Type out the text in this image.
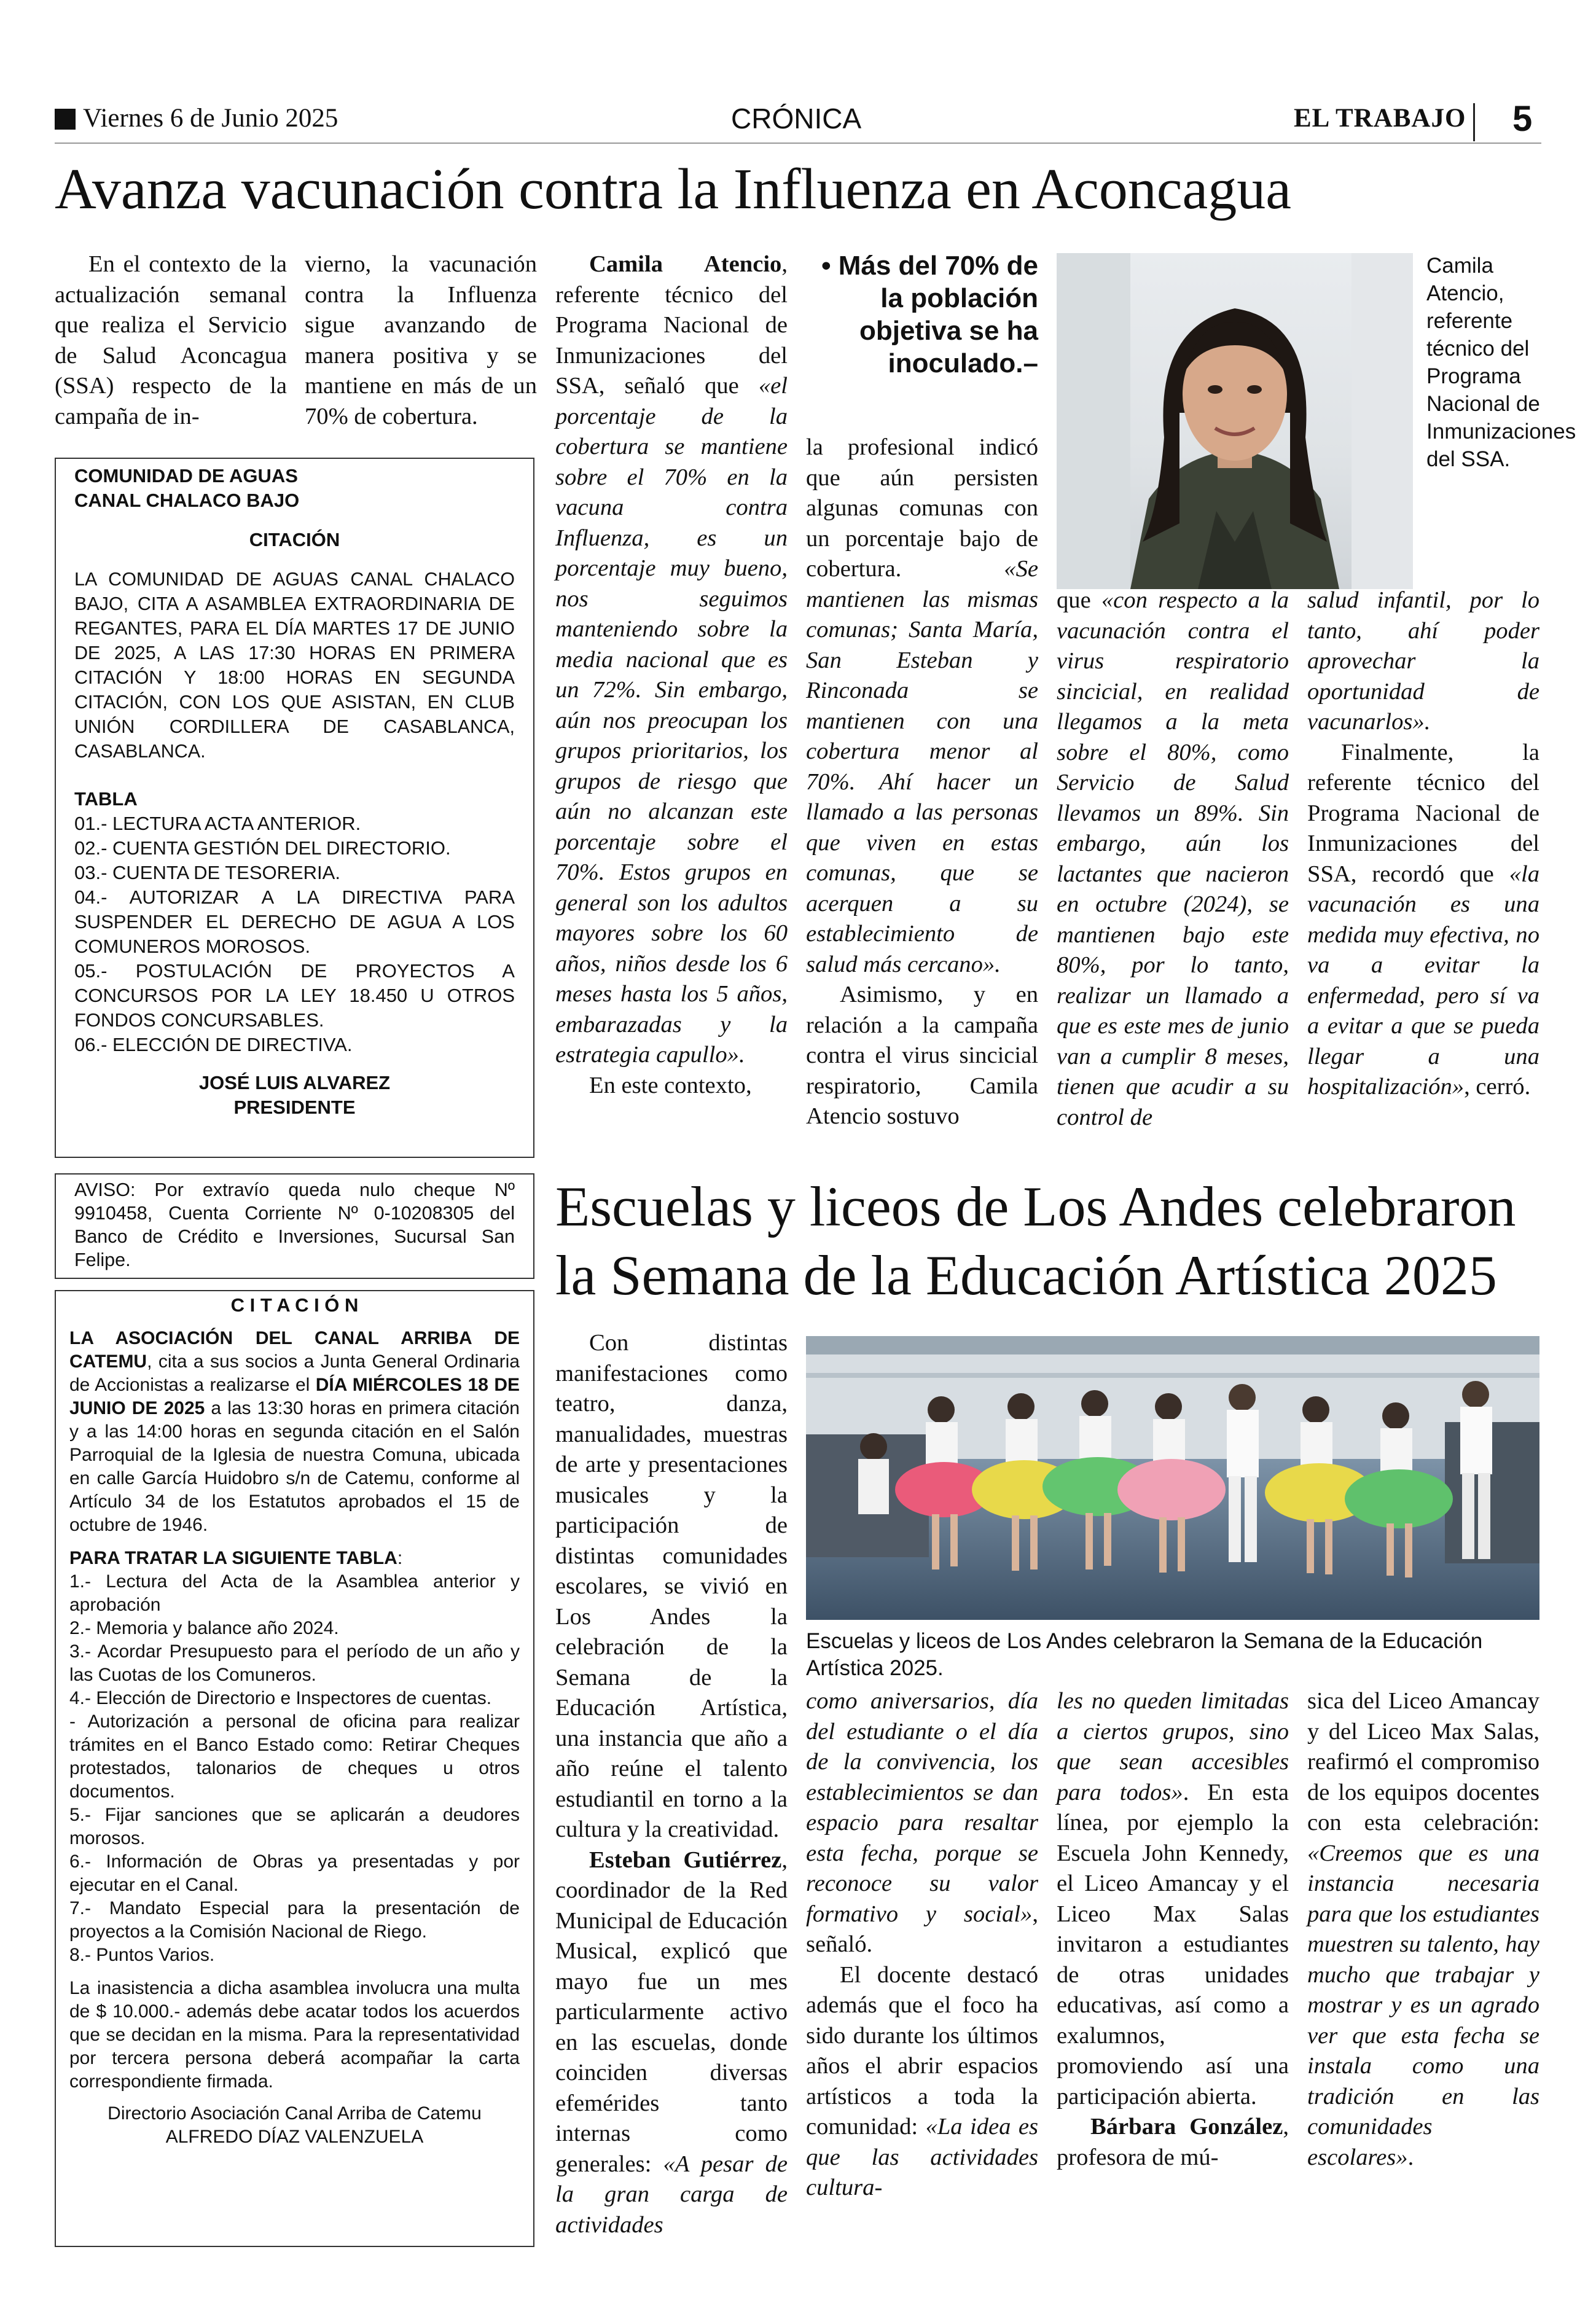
Viernes 6 de Junio 2025	CRÓNICA	EL TRABAJO 5
Avanza vacunación contra la Influenza en Aconcagua

En el contexto de la actualización semanal que realiza el Servicio de Salud Aconcagua (SSA) respecto de la campaña de in-

vierno, la vacunación contra la Influenza sigue avanzando de manera positiva y se mantiene en más de un 70% de cobertura.

Camila Atencio, referente técnico del Programa Nacional de Inmunizaciones del SSA, señaló que «el porcentaje de la cobertura se mantiene sobre el 70% en la vacuna contra Influenza, es un porcentaje muy bueno, nos seguimos manteniendo sobre la media nacional que es un 72%. Sin embargo, aún nos preocupan los grupos prioritarios, los grupos de riesgo que aún no alcanzan este porcentaje sobre el 70%. Estos grupos en general son los adultos mayores sobre los 60 años, niños desde los 6 meses hasta los 5 años, embarazadas y la estrategia capullo».

En este contexto,

• Más del 70% de la población objetiva se ha inoculado.–

la profesional indicó que aún persisten algunas comunas con un porcentaje bajo de cobertura. «Se mantienen las mismas comunas; Santa María, San Esteban y Rinconada se mantienen con una cobertura menor al 70%. Ahí hacer un llamado a las personas que viven en estas comunas, que se acerquen a su establecimiento de salud más cercano».

Asimismo, y en relación a la campaña contra el virus sincicial respiratorio, Camila Atencio sostuvo

Camila Atencio, referente técnico del Programa Nacional de Inmunizaciones del SSA.

que «con respecto a la vacunación contra el virus respiratorio sincicial, en realidad llegamos a la meta sobre el 80%, como Servicio de Salud llevamos un 89%. Sin embargo, aún los lactantes que nacieron en octubre (2024), se mantienen bajo este 80%, por lo tanto, realizar un llamado a que es este mes de junio van a cumplir 8 meses, tienen que acudir a su control de

salud infantil, por lo tanto, ahí poder aprovechar la oportunidad de vacunarlos».

Finalmente, la referente técnico del Programa Nacional de Inmunizaciones del SSA, recordó que «la vacunación es una medida muy efectiva, no va a evitar la enfermedad, pero sí va a evitar a que se pueda llegar a una hospitalización», cerró.

COMUNIDAD DE AGUAS CANAL CHALACO BAJO

CITACIÓN

LA COMUNIDAD DE AGUAS CANAL CHALACO BAJO, CITA A ASAMBLEA EXTRAORDINARIA DE REGANTES, PARA EL DÍA MARTES 17 DE JUNIO DE 2025, A LAS 17:30 HORAS EN PRIMERA CITACIÓN Y 18:00 HORAS EN SEGUNDA CITACIÓN, CON LOS QUE ASISTAN, EN CLUB UNIÓN CORDILLERA DE CASABLANCA, CASABLANCA.

TABLA

01.- LECTURA ACTA ANTERIOR.

02.- CUENTA GESTIÓN DEL DIRECTORIO.

03.- CUENTA DE TESORERIA.

04.- AUTORIZAR A LA DIRECTIVA PARA SUSPENDER EL DERECHO DE AGUA A LOS COMUNEROS MOROSOS.

05.- POSTULACIÓN DE PROYECTOS A CONCURSOS POR LA LEY 18.450 U OTROS FONDOS CONCURSABLES.

06.- ELECCIÓN DE DIRECTIVA.

JOSÉ LUIS ALVAREZ

PRESIDENTE

AVISO: Por extravío queda nulo cheque Nº 9910458, Cuenta Corriente Nº 0-10208305 del Banco de Crédito e Inversiones, Sucursal San Felipe.

C I T A C I Ó N

LA ASOCIACIÓN DEL CANAL ARRIBA DE CATEMU, cita a sus socios a Junta General Ordinaria de Accionistas a realizarse el DÍA MIÉRCOLES 18 DE JUNIO DE 2025 a las 13:30 horas en primera citación y a las 14:00 horas en segunda citación en el Salón Parroquial de la Iglesia de nuestra Comuna, ubicada en calle García Huidobro s/n de Catemu, conforme al Artículo 34 de los Estatutos aprobados el 15 de octubre de 1946.

PARA TRATAR LA SIGUIENTE TABLA:

1.- Lectura del Acta de la Asamblea anterior y aprobación

2.- Memoria y balance año 2024.

3.- Acordar Presupuesto para el período de un año y las Cuotas de los Comuneros.

4.- Elección de Directorio e Inspectores de cuentas.

- Autorización a personal de oficina para realizar trámites en el Banco Estado como: Retirar Cheques protestados, talonarios de cheques u otros documentos.

5.- Fijar sanciones que se aplicarán a deudores morosos.

6.- Información de Obras ya presentadas y por ejecutar en el Canal.

7.- Mandato Especial para la presentación de proyectos a la Comisión Nacional de Riego.

8.- Puntos Varios.

La inasistencia a dicha asamblea involucra una multa de $ 10.000.- además debe acatar todos los acuerdos que se decidan en la misma. Para la representatividad por tercera persona deberá acompañar la carta correspondiente firmada.

Directorio Asociación Canal Arriba de Catemu

ALFREDO DÍAZ VALENZUELA

Escuelas y liceos de Los Andes celebraron
la Semana de la Educación Artística 2025

Con distintas manifestaciones como teatro, danza, manualidades, muestras de arte y presentaciones musicales y la participación de distintas comunidades escolares, se vivió en Los Andes la celebración de la Semana de la Educación Artística, una instancia que año a año reúne el talento estudiantil en torno a la cultura y la creatividad.

Esteban Gutiérrez, coordinador de la Red Municipal de Educación Musical, explicó que mayo fue un mes particularmente activo en las escuelas, donde coinciden diversas efemérides tanto internas como generales: «A pesar de la gran carga de actividades

Escuelas y liceos de Los Andes celebraron la Semana de la Educación Artística 2025.

como aniversarios, día del estudiante o el día de la convivencia, los establecimientos se dan espacio para resaltar esta fecha, porque se reconoce su valor formativo y social», señaló.

El docente destacó además que el foco ha sido durante los últimos años el abrir espacios artísticos a toda la comunidad: «La idea es que las actividades cultura-

les no queden limitadas a ciertos grupos, sino que sean accesibles para todos». En esta línea, por ejemplo la Escuela John Kennedy, el Liceo Amancay y el Liceo Max Salas invitaron a estudiantes de otras unidades educativas, así como a exalumnos, promoviendo así una participación abierta.

Bárbara González, profesora de mú-

sica del Liceo Amancay y del Liceo Max Salas, reafirmó el compromiso de los equipos docentes con esta celebración: «Creemos que es una instancia necesaria para que los estudiantes muestren su talento, hay mucho que trabajar y mostrar y es un agrado ver que esta fecha se instala como una tradición en las comunidades escolares».
